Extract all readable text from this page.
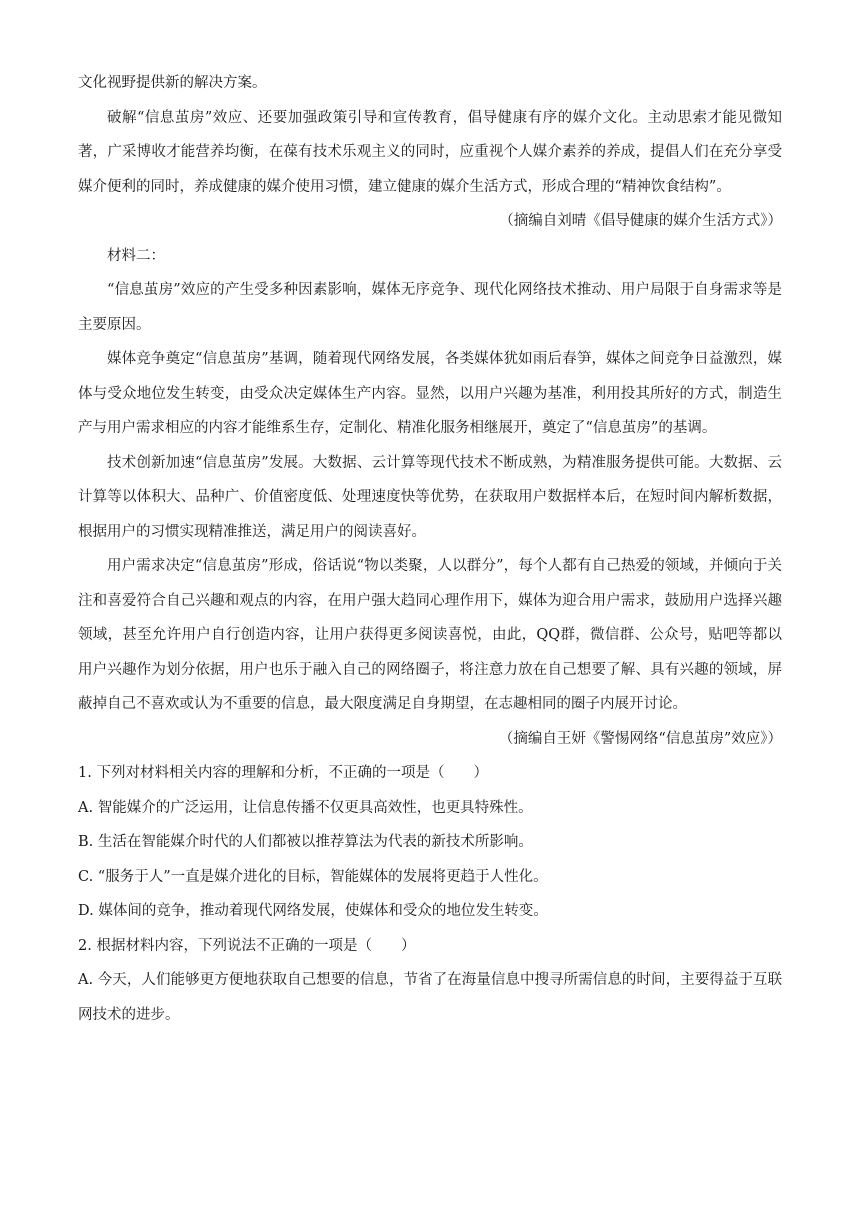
文化视野提供新的解决方案。

破解“信息茧房”效应、还要加强政策引导和宣传教育，倡导健康有序的媒介文化。主动思索才能见微知著，广采博收才能营养均衡，在葆有技术乐观主义的同时，应重视个人媒介素养的养成，提倡人们在充分享受媒介便利的同时，养成健康的媒介使用习惯，建立健康的媒介生活方式，形成合理的“精神饮食结构”。

（摘编自刘晴《倡导健康的媒介生活方式》）

材料二：

“信息茧房”效应的产生受多种因素影响，媒体无序竞争、现代化网络技术推动、用户局限于自身需求等是主要原因。

媒体竞争奠定“信息茧房”基调，随着现代网络发展，各类媒体犹如雨后春笋，媒体之间竞争日益激烈，媒体与受众地位发生转变，由受众决定媒体生产内容。显然，以用户兴趣为基准，利用投其所好的方式，制造生产与用户需求相应的内容才能维系生存，定制化、精准化服务相继展开，奠定了“信息茧房”的基调。

技术创新加速“信息茧房”发展。大数据、云计算等现代技术不断成熟，为精准服务提供可能。大数据、云计算等以体积大、品种广、价值密度低、处理速度快等优势，在获取用户数据样本后，在短时间内解析数据，根据用户的习惯实现精准推送，满足用户的阅读喜好。

用户需求决定“信息茧房”形成，俗话说“物以类聚，人以群分”，每个人都有自己热爱的领域，并倾向于关注和喜爱符合自己兴趣和观点的内容，在用户强大趋同心理作用下，媒体为迎合用户需求，鼓励用户选择兴趣领域，甚至允许用户自行创造内容，让用户获得更多阅读喜悦，由此，QQ群，微信群、公众号，贴吧等都以用户兴趣作为划分依据，用户也乐于融入自己的网络圈子，将注意力放在自己想要了解、具有兴趣的领域，屏蔽掉自己不喜欢或认为不重要的信息，最大限度满足自身期望，在志趣相同的圈子内展开讨论。

（摘编自王妍《警惕网络“信息茧房”效应》）

1. 下列对材料相关内容的理解和分析，不正确的一项是（　　）

A. 智能媒介的广泛运用，让信息传播不仅更具高效性，也更具特殊性。

B. 生活在智能媒介时代的人们都被以推荐算法为代表的新技术所影响。

C. “服务于人”一直是媒介进化的目标，智能媒体的发展将更趋于人性化。

D. 媒体间的竞争，推动着现代网络发展，使媒体和受众的地位发生转变。

2. 根据材料内容，下列说法不正确的一项是（　　）

A. 今天，人们能够更方便地获取自己想要的信息，节省了在海量信息中搜寻所需信息的时间，主要得益于互联网技术的进步。
